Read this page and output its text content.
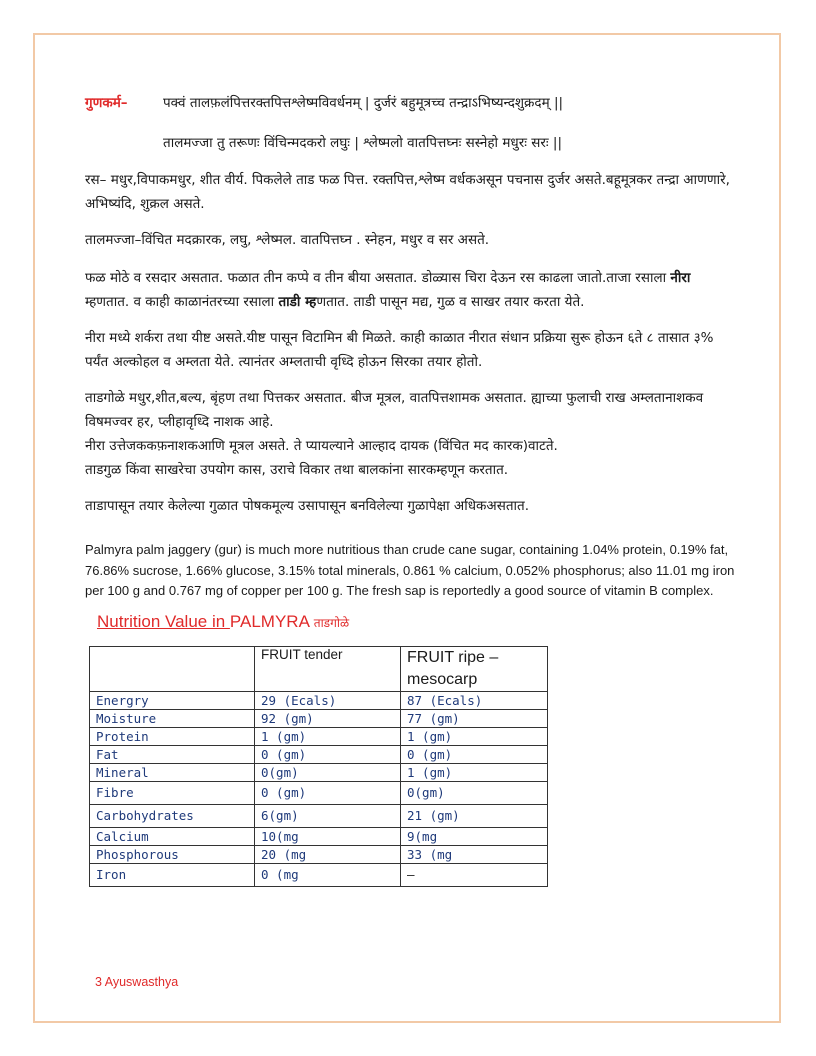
गुणकर्म–	पक्वं तालफ़लंपित्तरक्तपित्तश्लेष्मविवर्धनम् | दुर्जरं बहुमूत्रच्च तन्द्राऽभिष्यन्दशुक्रदम् ||
तालमज्जा तु तरूणः विंचिन्मदकरो लघुः | श्लेष्मलो वातपित्तघ्नः सस्नेहो मधुरः सरः ||

रस– मधुर,विपाकमधुर, शीत वीर्य. पिकलेले ताड फळ पित्त. रक्तपित्त,श्लेष्म वर्धकअसून पचनास दुर्जर असते.बहूमूत्रकर तन्द्रा आणणारे, अभिष्यंदि, शुक्रल असते.

तालमज्जा–विंचित मदक्रारक, लघु, श्लेष्मल. वातपित्तघ्न . स्नेहन, मधुर व सर असते.

फळ मोठे व रसदार असतात. फळात तीन कप्पे व तीन बीया असतात. डोळ्यास चिरा देऊन रस काढला जातो.ताजा रसाला नीरा म्हणतात. व काही काळानंतरच्या रसाला ताडी म्हणतात. ताडी पासून मद्य, गुळ व साखर तयार करता येते.

नीरा मध्ये शर्करा तथा यीष्ट असते.यीष्ट पासून विटामिन बी मिळते. काही काळात नीरात संधान प्रक्रिया सुरू होऊन ६ते ८ तासात ३% पर्यंत अल्कोहल व अम्लता येते. त्यानंतर अम्लताची वृध्दि होऊन सिरका तयार होतो.

ताडगोळे मधुर,शीत,बल्य, बृंहण तथा पित्तकर असतात. बीज मूत्रल, वातपित्तशामक असतात. ह्याच्या फुलाची राख अम्लतानाशकव विषमज्वर हर, प्लीहावृध्दि नाशक आहे.
नीरा उत्तेजककफ़नाशकआणि मूत्रल असते. ते प्यायल्याने आल्हाद दायक (विंचित मद कारक)वाटते.
ताडगुळ किंवा साखरेचा उपयोग कास, उराचे विकार तथा बालकांना सारकम्हणून करतात.

ताडापासून तयार केलेल्या गुळात पोषकमूल्य उसापासून बनविलेल्या गुळापेक्षा अधिकअसतात.

Palmyra palm jaggery (gur) is much more nutritious than crude cane sugar, containing 1.04% protein, 0.19% fat, 76.86% sucrose, 1.66% glucose, 3.15% total minerals, 0.861 % calcium, 0.052% phosphorus; also 11.01 mg iron per 100 g and 0.767 mg of copper per 100 g. The fresh sap is reportedly a good source of vitamin B complex.

Nutrition Value in PALMYRA ताडगोळे
	FRUIT tender	FRUIT ripe – mesocarp
Energry	29 (Ecals)	87 (Ecals)
Moisture	92 (gm)	77 (gm)
Protein	1 (gm)	1 (gm)
Fat	0 (gm)	0 (gm)
Mineral	0(gm)	1 (gm)
Fibre	0 (gm)	0(gm)
Carbohydrates	6(gm)	21 (gm)
Calcium	10(mg	9(mg
Phosphorous	20 (mg	33 (mg
Iron	0 (mg	–
3 Ayuswasthya
